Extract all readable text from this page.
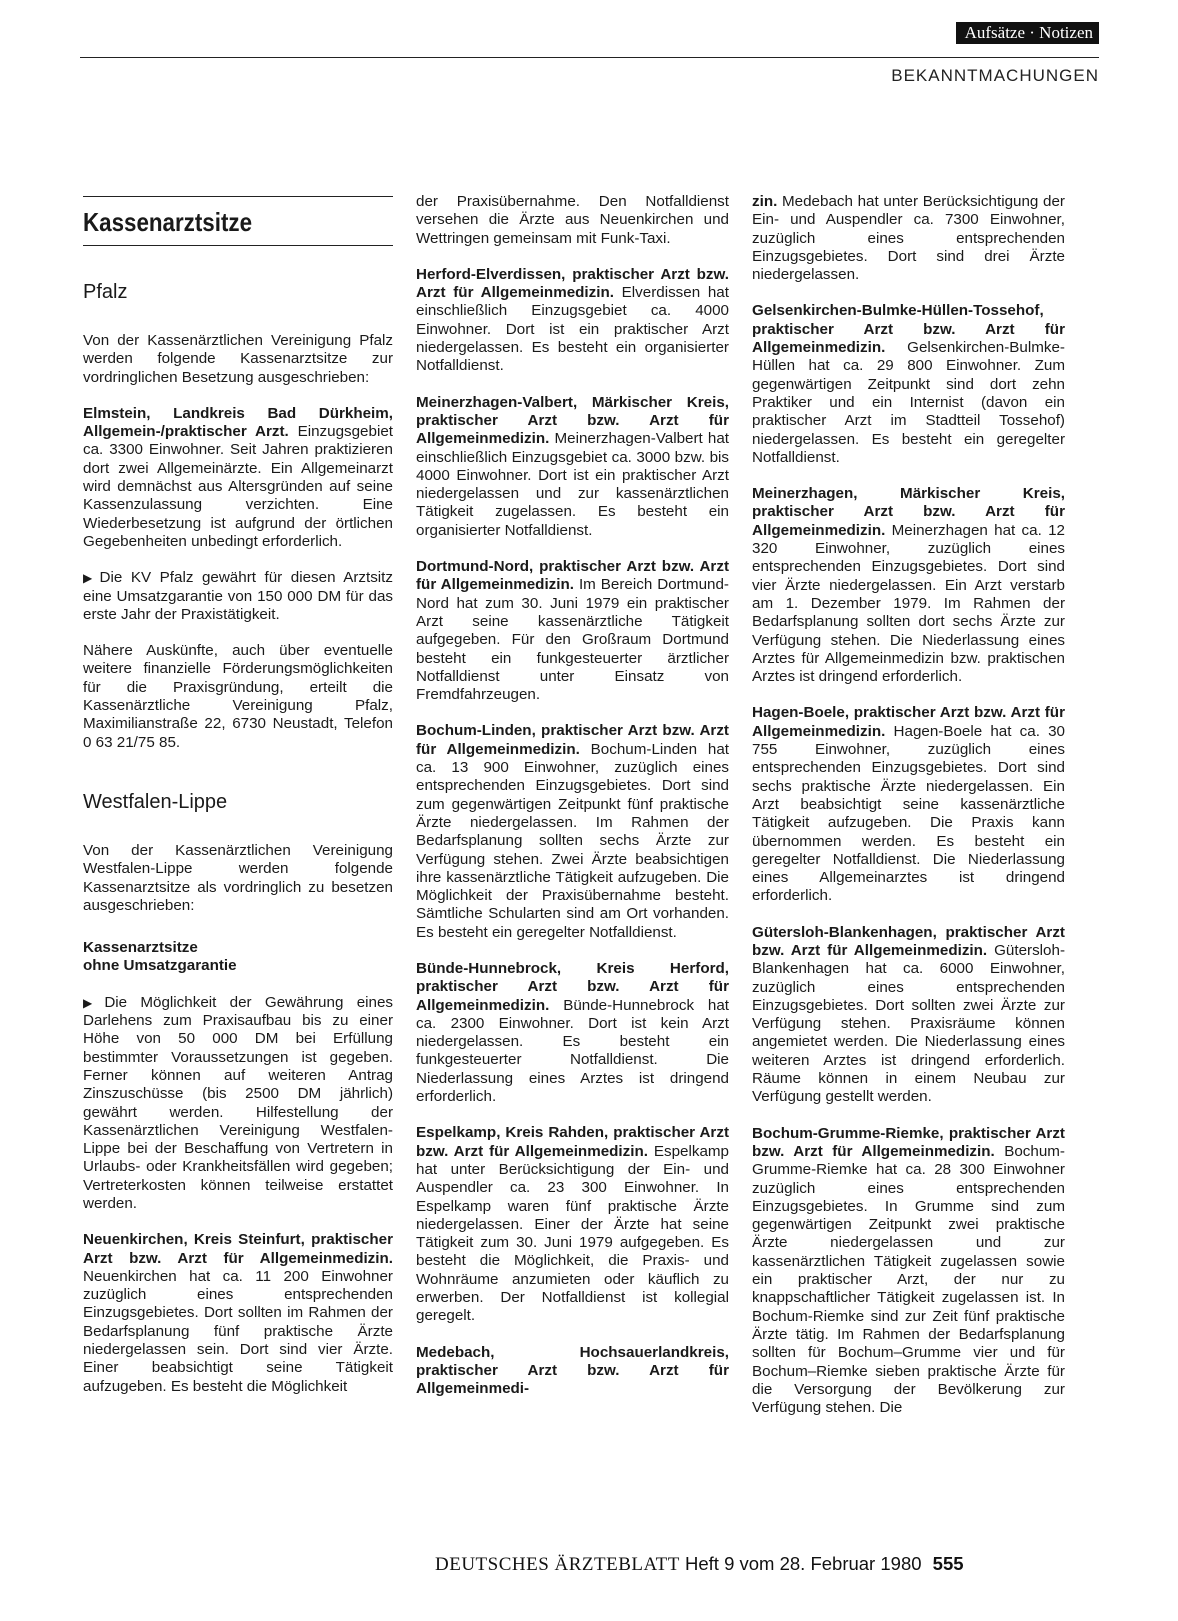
Aufsätze · Notizen
BEKANNTMACHUNGEN
Kassenarztsitze
Pfalz

Von der Kassenärztlichen Vereinigung Pfalz werden folgende Kassenarztsitze zur vordringlichen Besetzung ausgeschrieben:

Elmstein, Landkreis Bad Dürkheim, Allgemein-/praktischer Arzt. Einzugsgebiet ca. 3300 Einwohner. Seit Jahren praktizieren dort zwei Allgemeinärzte. Ein Allgemeinarzt wird demnächst aus Altersgründen auf seine Kassenzulassung verzichten. Eine Wiederbesetzung ist aufgrund der örtlichen Gegebenheiten unbedingt erforderlich.

▶ Die KV Pfalz gewährt für diesen Arztsitz eine Umsatzgarantie von 150 000 DM für das erste Jahr der Praxistätigkeit.

Nähere Auskünfte, auch über eventuelle weitere finanzielle Förderungsmöglichkeiten für die Praxisgründung, erteilt die Kassenärztliche Vereinigung Pfalz, Maximilianstraße 22, 6730 Neustadt, Telefon 0 63 21/75 85.

Westfalen-Lippe

Von der Kassenärztlichen Vereinigung Westfalen-Lippe werden folgende Kassenarztsitze als vordringlich zu besetzen ausgeschrieben:

Kassenarztsitze
ohne Umsatzgarantie

▶ Die Möglichkeit der Gewährung eines Darlehens zum Praxisaufbau bis zu einer Höhe von 50 000 DM bei Erfüllung bestimmter Voraussetzungen ist gegeben. Ferner können auf weiteren Antrag Zinszuschüsse (bis 2500 DM jährlich) gewährt werden. Hilfestellung der Kassenärztlichen Vereinigung Westfalen-Lippe bei der Beschaffung von Vertretern in Urlaubs- oder Krankheitsfällen wird gegeben; Vertreterkosten können teilweise erstattet werden.

Neuenkirchen, Kreis Steinfurt, praktischer Arzt bzw. Arzt für Allgemeinmedizin. Neuenkirchen hat ca. 11 200 Einwohner zuzüglich eines entsprechenden Einzugsgebietes. Dort sollten im Rahmen der Bedarfsplanung fünf praktische Ärzte niedergelassen sein. Dort sind vier Ärzte. Einer beabsichtigt seine Tätigkeit aufzugeben. Es besteht die Möglichkeit

der Praxisübernahme. Den Notfalldienst versehen die Ärzte aus Neuenkirchen und Wettringen gemeinsam mit Funk-Taxi.

Herford-Elverdissen, praktischer Arzt bzw. Arzt für Allgemeinmedizin. Elverdissen hat einschließlich Einzugsgebiet ca. 4000 Einwohner. Dort ist ein praktischer Arzt niedergelassen. Es besteht ein organisierter Notfalldienst.

Meinerzhagen-Valbert, Märkischer Kreis, praktischer Arzt bzw. Arzt für Allgemeinmedizin. Meinerzhagen-Valbert hat einschließlich Einzugsgebiet ca. 3000 bzw. bis 4000 Einwohner. Dort ist ein praktischer Arzt niedergelassen und zur kassenärztlichen Tätigkeit zugelassen. Es besteht ein organisierter Notfalldienst.

Dortmund-Nord, praktischer Arzt bzw. Arzt für Allgemeinmedizin. Im Bereich Dortmund-Nord hat zum 30. Juni 1979 ein praktischer Arzt seine kassenärztliche Tätigkeit aufgegeben. Für den Großraum Dortmund besteht ein funkgesteuerter ärztlicher Notfalldienst unter Einsatz von Fremdfahrzeugen.

Bochum-Linden, praktischer Arzt bzw. Arzt für Allgemeinmedizin. Bochum-Linden hat ca. 13 900 Einwohner, zuzüglich eines entsprechenden Einzugsgebietes. Dort sind zum gegenwärtigen Zeitpunkt fünf praktische Ärzte niedergelassen. Im Rahmen der Bedarfsplanung sollten sechs Ärzte zur Verfügung stehen. Zwei Ärzte beabsichtigen ihre kassenärztliche Tätigkeit aufzugeben. Die Möglichkeit der Praxisübernahme besteht. Sämtliche Schularten sind am Ort vorhanden. Es besteht ein geregelter Notfalldienst.

Bünde-Hunnebrock, Kreis Herford, praktischer Arzt bzw. Arzt für Allgemeinmedizin. Bünde-Hunnebrock hat ca. 2300 Einwohner. Dort ist kein Arzt niedergelassen. Es besteht ein funkgesteuerter Notfalldienst. Die Niederlassung eines Arztes ist dringend erforderlich.

Espelkamp, Kreis Rahden, praktischer Arzt bzw. Arzt für Allgemeinmedizin. Espelkamp hat unter Berücksichtigung der Ein- und Auspendler ca. 23 300 Einwohner. In Espelkamp waren fünf praktische Ärzte niedergelassen. Einer der Ärzte hat seine Tätigkeit zum 30. Juni 1979 aufgegeben. Es besteht die Möglichkeit, die Praxis- und Wohnräume anzumieten oder käuflich zu erwerben. Der Notfalldienst ist kollegial geregelt.

Medebach, Hochsauerlandkreis, praktischer Arzt bzw. Arzt für Allgemeinmedi-

zin. Medebach hat unter Berücksichtigung der Ein- und Auspendler ca. 7300 Einwohner, zuzüglich eines entsprechenden Einzugsgebietes. Dort sind drei Ärzte niedergelassen.

Gelsenkirchen-Bulmke-Hüllen-Tossehof, praktischer Arzt bzw. Arzt für Allgemeinmedizin. Gelsenkirchen-Bulmke-Hüllen hat ca. 29 800 Einwohner. Zum gegenwärtigen Zeitpunkt sind dort zehn Praktiker und ein Internist (davon ein praktischer Arzt im Stadtteil Tossehof) niedergelassen. Es besteht ein geregelter Notfalldienst.

Meinerzhagen, Märkischer Kreis, praktischer Arzt bzw. Arzt für Allgemeinmedizin. Meinerzhagen hat ca. 12 320 Einwohner, zuzüglich eines entsprechenden Einzugsgebietes. Dort sind vier Ärzte niedergelassen. Ein Arzt verstarb am 1. Dezember 1979. Im Rahmen der Bedarfsplanung sollten dort sechs Ärzte zur Verfügung stehen. Die Niederlassung eines Arztes für Allgemeinmedizin bzw. praktischen Arztes ist dringend erforderlich.

Hagen-Boele, praktischer Arzt bzw. Arzt für Allgemeinmedizin. Hagen-Boele hat ca. 30 755 Einwohner, zuzüglich eines entsprechenden Einzugsgebietes. Dort sind sechs praktische Ärzte niedergelassen. Ein Arzt beabsichtigt seine kassenärztliche Tätigkeit aufzugeben. Die Praxis kann übernommen werden. Es besteht ein geregelter Notfalldienst. Die Niederlassung eines Allgemeinarztes ist dringend erforderlich.

Gütersloh-Blankenhagen, praktischer Arzt bzw. Arzt für Allgemeinmedizin. Gütersloh-Blankenhagen hat ca. 6000 Einwohner, zuzüglich eines entsprechenden Einzugsgebietes. Dort sollten zwei Ärzte zur Verfügung stehen. Praxisräume können angemietet werden. Die Niederlassung eines weiteren Arztes ist dringend erforderlich. Räume können in einem Neubau zur Verfügung gestellt werden.

Bochum-Grumme-Riemke, praktischer Arzt bzw. Arzt für Allgemeinmedizin. Bochum-Grumme-Riemke hat ca. 28 300 Einwohner zuzüglich eines entsprechenden Einzugsgebietes. In Grumme sind zum gegenwärtigen Zeitpunkt zwei praktische Ärzte niedergelassen und zur kassenärztlichen Tätigkeit zugelassen sowie ein praktischer Arzt, der nur zu knappschaftlicher Tätigkeit zugelassen ist. In Bochum-Riemke sind zur Zeit fünf praktische Ärzte tätig. Im Rahmen der Bedarfsplanung sollten für Bochum–Grumme vier und für Bochum–Riemke sieben praktische Ärzte für die Versorgung der Bevölkerung zur Verfügung stehen. Die

DEUTSCHES ÄRZTEBLATT Heft 9 vom 28. Februar 1980 555
